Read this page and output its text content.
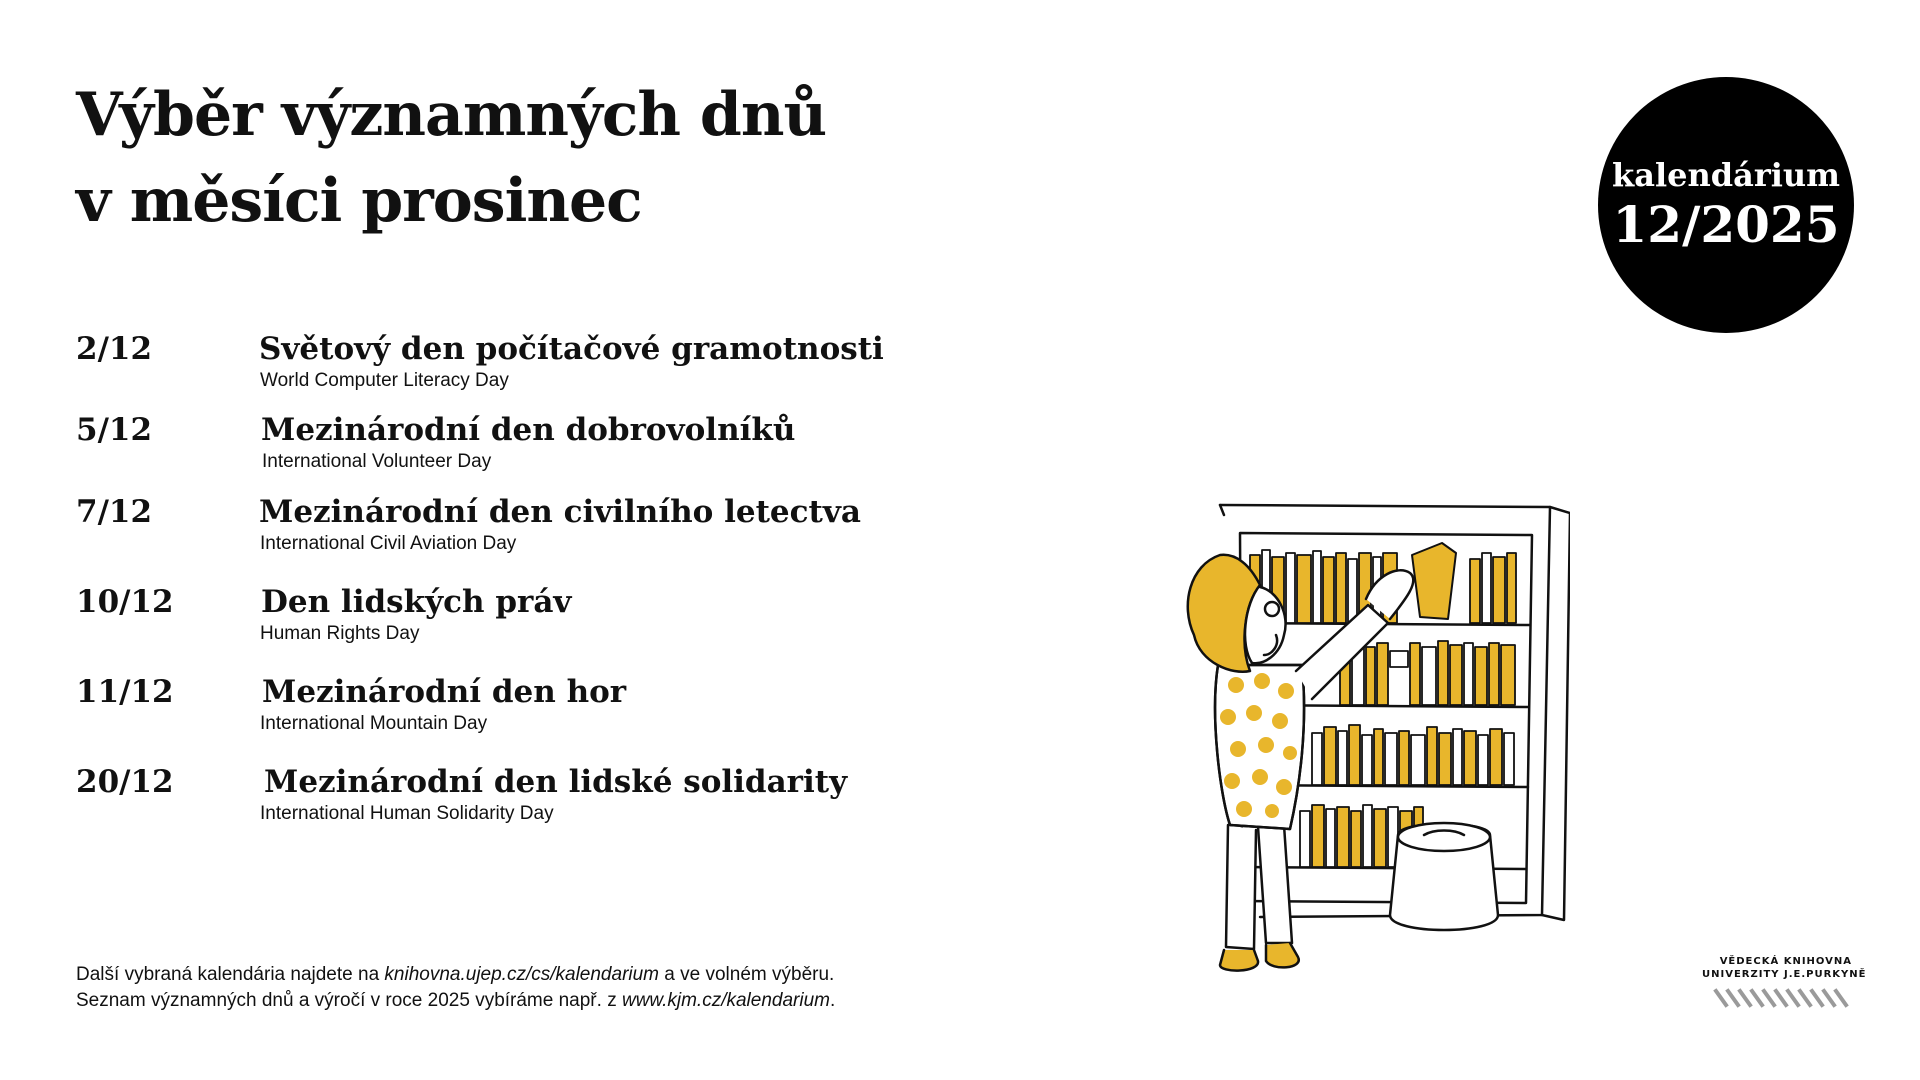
Výběr významných dnů
v měsíci prosinec	kalendárium
12/2025
2/12	Světový den počítačové gramotnosti
World Computer Literacy Day
5/12	Mezinárodní den dobrovolníků
International Volunteer Day
7/12	Mezinárodní den civilního letectva
International Civil Aviation Day
10/12	Den lidských práv
Human Rights Day
11/12	Mezinárodní den hor
International Mountain Day
20/12	Mezinárodní den lidské solidarity
International Human Solidarity Day
Další vybraná kalendária najdete na knihovna.ujep.cz/cs/kalendarium a ve volném výběru.
Seznam významných dnů a výročí v roce 2025 vybíráme např. z www.kjm.cz/kalendarium.
VĚDECKÁ KNIHOVNA
UNIVERZITY J.E.PURKYNĚ
